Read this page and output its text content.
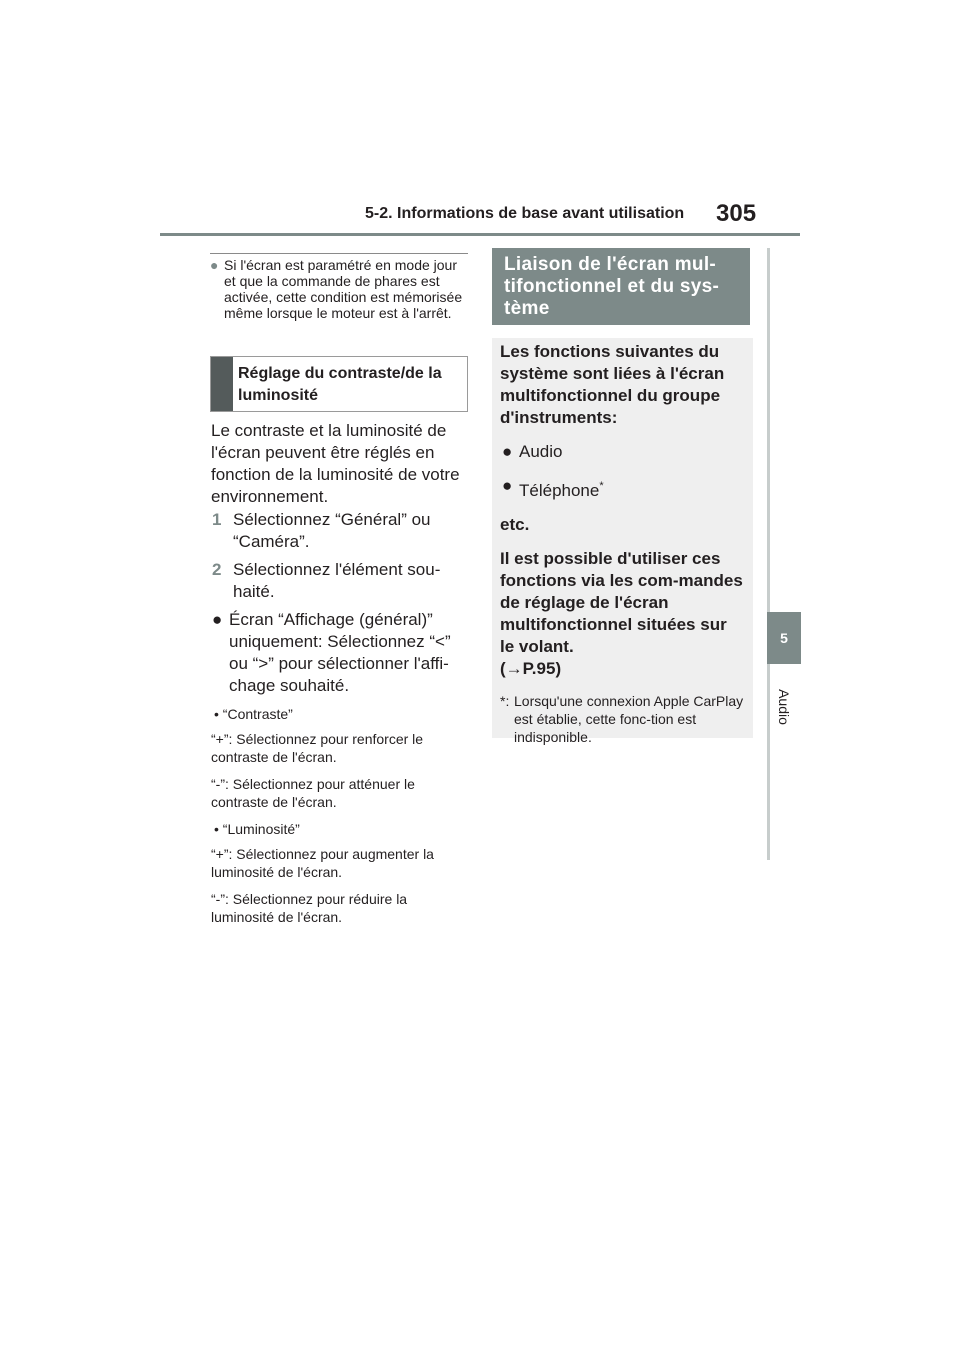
5-2. Informations de base avant utilisation 305
5
Audio
● Si l'écran est paramétré en mode jour et que la commande de phares est activée, cette condition est mémorisée même lorsque le moteur est à l'arrêt.
Réglage du contraste/de la luminosité
Le contraste et la luminosité de l'écran peuvent être réglés en fonction de la luminosité de votre environnement.
1 Sélectionnez “Général” ou “Caméra”.
2 Sélectionnez l'élément sou-haité.
● Écran “Affichage (général)” uniquement: Sélectionnez “<” ou “>” pour sélectionner l'affi-chage souhaité.
• “Contraste”
“+”: Sélectionnez pour renforcer le contraste de l'écran.
“-”: Sélectionnez pour atténuer le contraste de l'écran.
• “Luminosité”
“+”: Sélectionnez pour augmenter la luminosité de l'écran.
“-”: Sélectionnez pour réduire la luminosité de l'écran.
Liaison de l'écran mul-tifonctionnel et du sys-tème
Les fonctions suivantes du système sont liées à l'écran multifonctionnel du groupe d'instruments:
● Audio
● Téléphone*
etc.
Il est possible d'utiliser ces fonctions via les com-mandes de réglage de l'écran multifonctionnel situées sur le volant.
(→P.95)
*: Lorsqu'une connexion Apple CarPlay est établie, cette fonc-tion est indisponible.
